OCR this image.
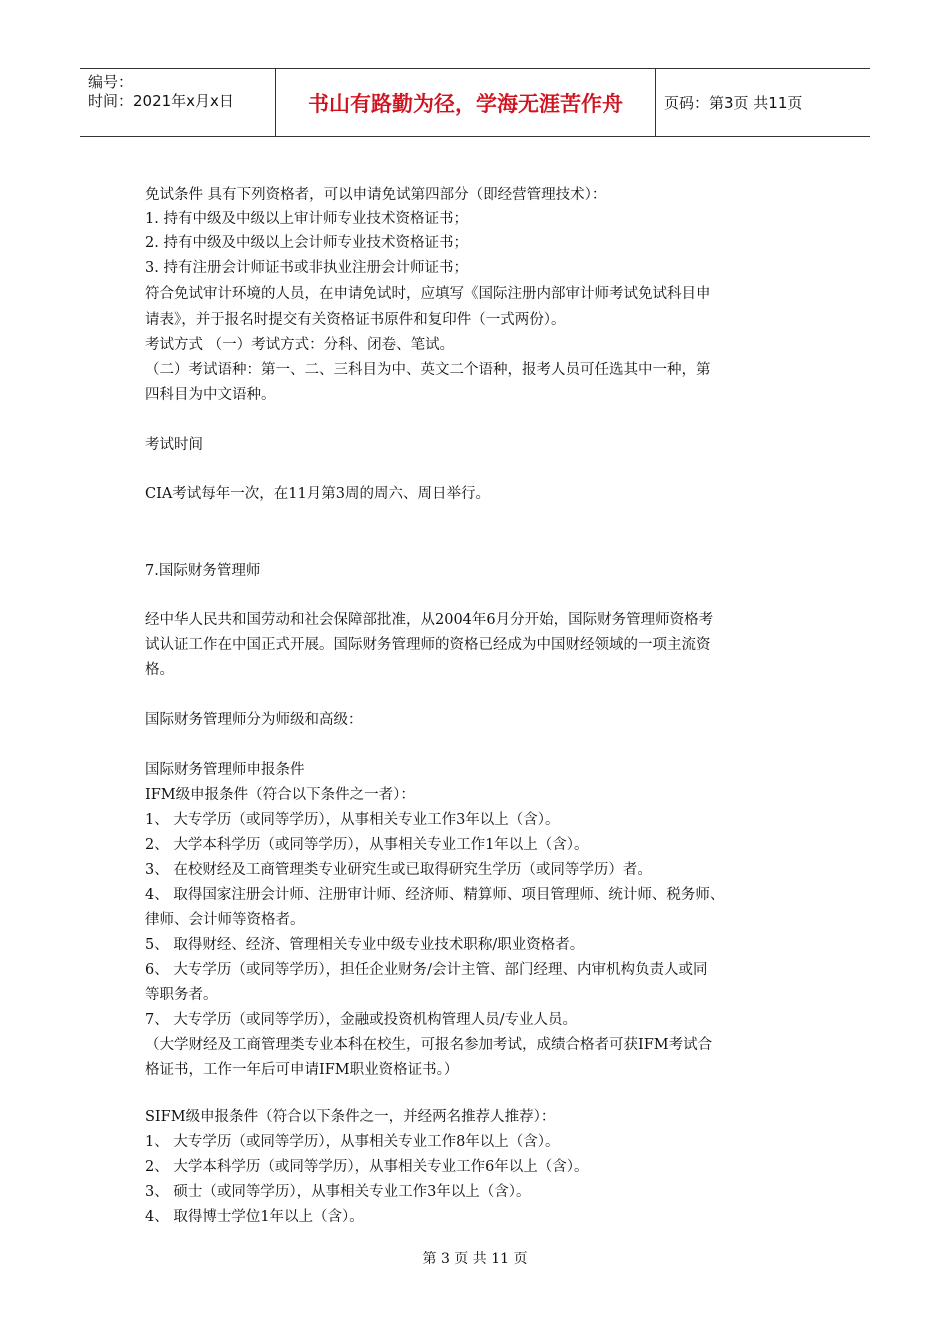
编号：
时间：2021年x月x日	书山有路勤为径，学海无涯苦作舟	页码：第3页 共11页
免试条件 具有下列资格者，可以申请免试第四部分（即经营管理技术）：
1. 持有中级及中级以上审计师专业技术资格证书；
2. 持有中级及中级以上会计师专业技术资格证书；
3. 持有注册会计师证书或非执业注册会计师证书；
符合免试审计环境的人员，在申请免试时，应填写《国际注册内部审计师考试免试科目申
请表》，并于报名时提交有关资格证书原件和复印件（一式两份）。
考试方式 （一）考试方式：分科、闭卷、笔试。
（二）考试语种：第一、二、三科目为中、英文二个语种，报考人员可任选其中一种，第
四科目为中文语种。
考试时间
CIA考试每年一次，在11月第3周的周六、周日举行。
7.国际财务管理师
经中华人民共和国劳动和社会保障部批准，从2004年6月分开始，国际财务管理师资格考
试认证工作在中国正式开展。国际财务管理师的资格已经成为中国财经领域的一项主流资
格。
国际财务管理师分为师级和高级：
国际财务管理师申报条件
IFM级申报条件（符合以下条件之一者）：
1、 大专学历（或同等学历），从事相关专业工作3年以上（含）。
2、 大学本科学历（或同等学历），从事相关专业工作1年以上（含）。
3、 在校财经及工商管理类专业研究生或已取得研究生学历（或同等学历）者。
4、 取得国家注册会计师、注册审计师、经济师、精算师、项目管理师、统计师、税务师、
律师、会计师等资格者。
5、 取得财经、经济、管理相关专业中级专业技术职称/职业资格者。
6、 大专学历（或同等学历），担任企业财务/会计主管、部门经理、内审机构负责人或同
等职务者。
7、 大专学历（或同等学历），金融或投资机构管理人员/专业人员。
（大学财经及工商管理类专业本科在校生，可报名参加考试，成绩合格者可获IFM考试合
格证书，工作一年后可申请IFM职业资格证书。）
SIFM级申报条件（符合以下条件之一，并经两名推荐人推荐）：
1、 大专学历（或同等学历），从事相关专业工作8年以上（含）。
2、 大学本科学历（或同等学历），从事相关专业工作6年以上（含）。
3、 硕士（或同等学历），从事相关专业工作3年以上（含）。
4、 取得博士学位1年以上（含）。
第 3 页 共 11 页
